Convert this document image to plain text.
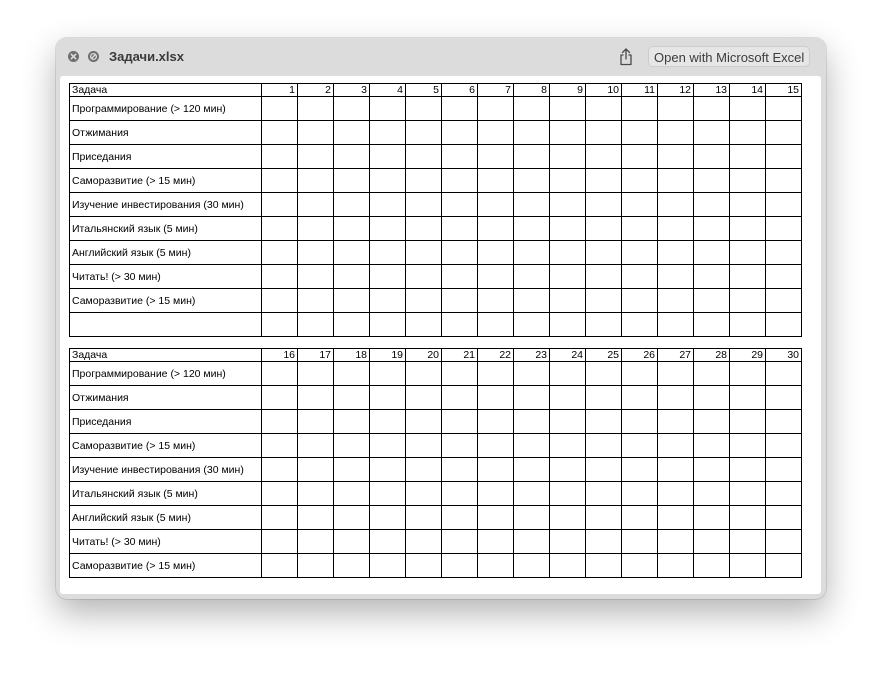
Задачи.xlsx	Open with Microsoft Excel
Задача	1	2	3	4	5	6	7	8	9	10	11	12	13	14	15
Программирование (> 120 мин)															
Отжимания															
Приседания															
Саморазвитие (> 15 мин)															
Изучение инвестирования (30 мин)															
Итальянский язык (5 мин)															
Английский язык (5 мин)															
Читать! (> 30 мин)															
Саморазвитие (> 15 мин)															

Задача	16	17	18	19	20	21	22	23	24	25	26	27	28	29	30
Программирование (> 120 мин)															
Отжимания															
Приседания															
Саморазвитие (> 15 мин)															
Изучение инвестирования (30 мин)															
Итальянский язык (5 мин)															
Английский язык (5 мин)															
Читать! (> 30 мин)															
Саморазвитие (> 15 мин)															
